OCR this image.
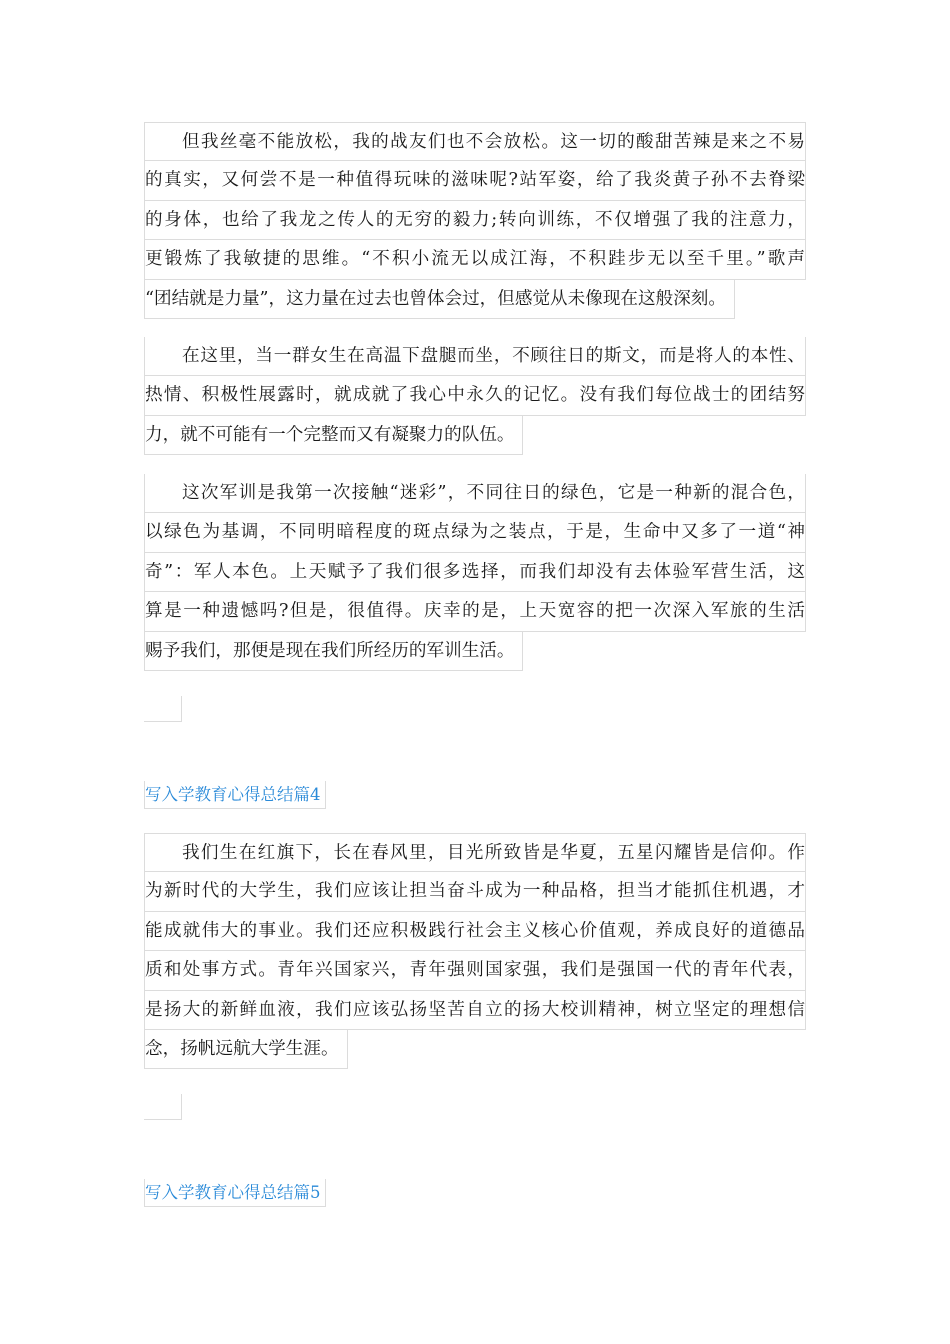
但我丝毫不能放松，我的战友们也不会放松。这一切的酸甜苦辣是来之不易
的真实，又何尝不是一种值得玩味的滋味呢?站军姿，给了我炎黄子孙不去脊梁
的身体，也给了我龙之传人的无穷的毅力;转向训练，不仅增强了我的注意力，
更锻炼了我敏捷的思维。“不积小流无以成江海，不积跬步无以至千里。”歌声
“团结就是力量”，这力量在过去也曾体会过，但感觉从未像现在这般深刻。
在这里，当一群女生在高温下盘腿而坐，不顾往日的斯文，而是将人的本性、
热情、积极性展露时，就成就了我心中永久的记忆。没有我们每位战士的团结努
力，就不可能有一个完整而又有凝聚力的队伍。
这次军训是我第一次接触“迷彩”，不同往日的绿色，它是一种新的混合色，
以绿色为基调，不同明暗程度的斑点绿为之装点，于是，生命中又多了一道“神
奇”：军人本色。上天赋予了我们很多选择，而我们却没有去体验军营生活，这
算是一种遗憾吗?但是，很值得。庆幸的是，上天宽容的把一次深入军旅的生活
赐予我们，那便是现在我们所经历的军训生活。
写入学教育心得总结篇4
我们生在红旗下，长在春风里，目光所致皆是华夏，五星闪耀皆是信仰。作
为新时代的大学生，我们应该让担当奋斗成为一种品格，担当才能抓住机遇，才
能成就伟大的事业。我们还应积极践行社会主义核心价值观，养成良好的道德品
质和处事方式。青年兴国家兴，青年强则国家强，我们是强国一代的青年代表，
是扬大的新鲜血液，我们应该弘扬坚苦自立的扬大校训精神，树立坚定的理想信
念，扬帆远航大学生涯。
写入学教育心得总结篇5
